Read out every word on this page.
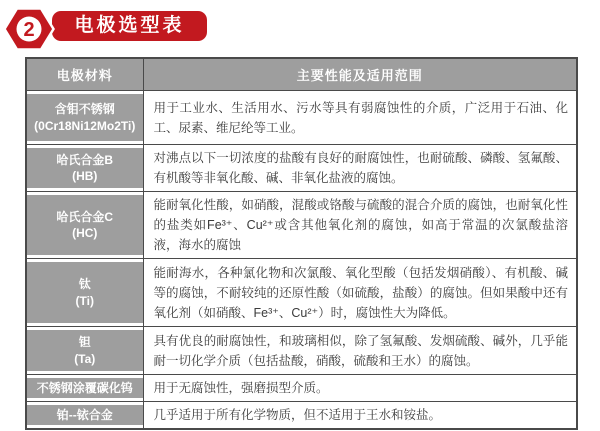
电极选型表
2
电极材料	主要性能及适用范围

含钼不锈钢
(0Cr18Ni12Mo2Ti)	用于工业水、生活用水、污水等具有弱腐蚀性的介质，广泛用于石油、化工、尿素、维尼纶等工业。

哈氏合金B
(HB)	对沸点以下一切浓度的盐酸有良好的耐腐蚀性，也耐硫酸、磷酸、氢氟酸、有机酸等非氧化酸、碱、非氧化盐液的腐蚀。

哈氏合金C
(HC)	能耐氧化性酸，如硝酸，混酸或铬酸与硫酸的混合介质的腐蚀，也耐氧化性的盐类如Fe³⁺、Cu²⁺或含其他氧化剂的腐蚀，如高于常温的次氯酸盐溶液，海水的腐蚀

钛
(Ti)	能耐海水，各种氯化物和次氯酸、氧化型酸（包括发烟硝酸）、有机酸、碱等的腐蚀，不耐较纯的还原性酸（如硫酸，盐酸）的腐蚀。但如果酸中还有氧化剂（如硝酸、Fe³⁺、Cu²⁺）时，腐蚀性大为降低。

钽
(Ta)	具有优良的耐腐蚀性，和玻璃相似，除了氢氟酸、发烟硫酸、碱外，几乎能耐一切化学介质（包括盐酸，硝酸，硫酸和王水）的腐蚀。

不锈钢涂覆碳化钨	用于无腐蚀性，强磨损型介质。

铂--铱合金	几乎适用于所有化学物质，但不适用于王水和铵盐。
